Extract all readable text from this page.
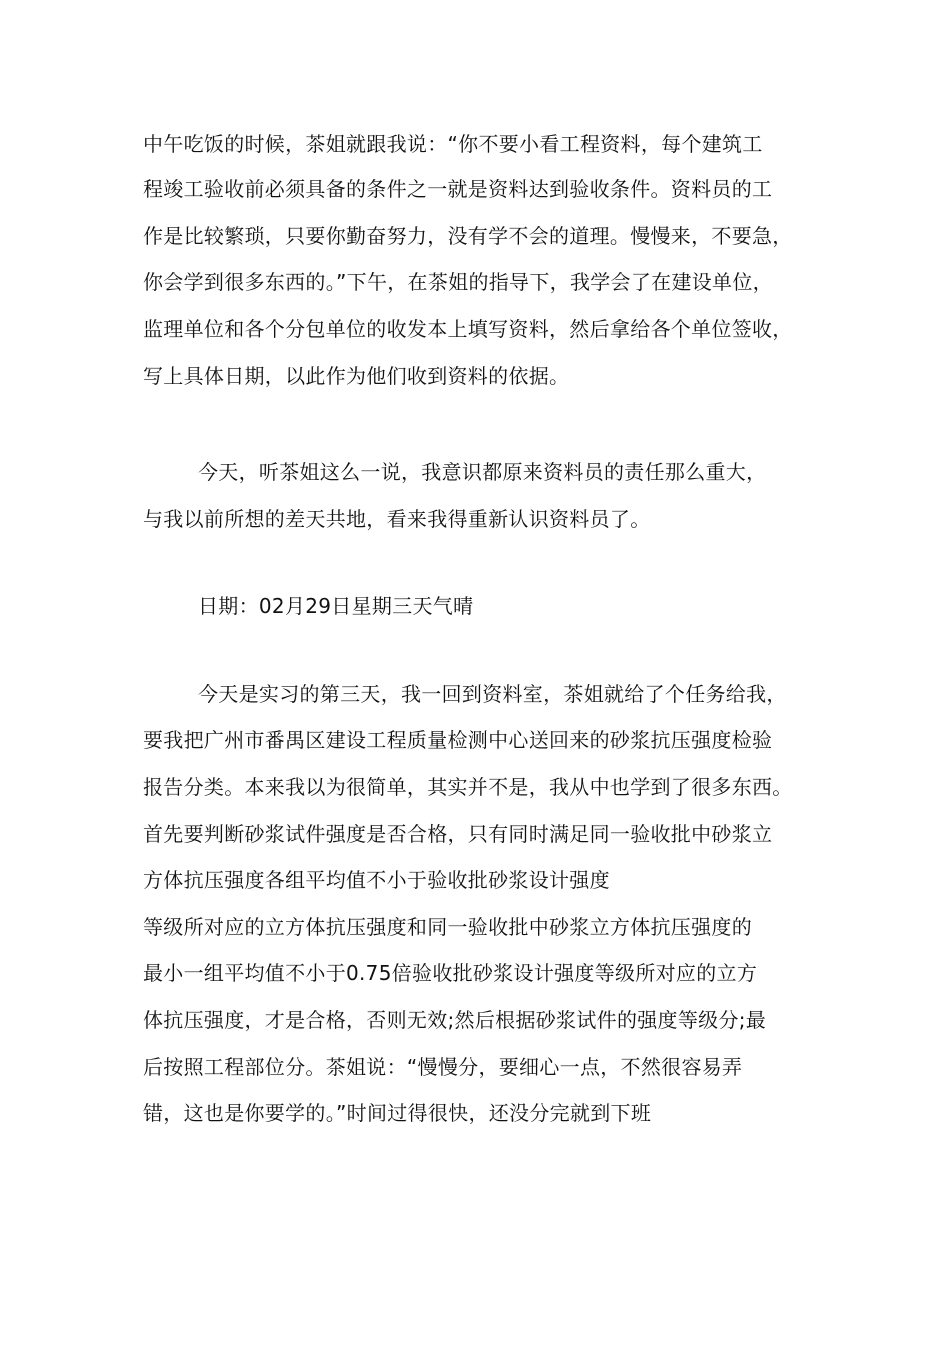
中午吃饭的时候，茶姐就跟我说：“你不要小看工程资料，每个建筑工
程竣工验收前必须具备的条件之一就是资料达到验收条件。资料员的工
作是比较繁琐，只要你勤奋努力，没有学不会的道理。慢慢来，不要急，
你会学到很多东西的。”下午，在茶姐的指导下，我学会了在建设单位，
监理单位和各个分包单位的收发本上填写资料，然后拿给各个单位签收，
写上具体日期，以此作为他们收到资料的依据。
今天，听茶姐这么一说，我意识都原来资料员的责任那么重大，
与我以前所想的差天共地，看来我得重新认识资料员了。
日期：02月29日星期三天气晴
今天是实习的第三天，我一回到资料室，茶姐就给了个任务给我，
要我把广州市番禺区建设工程质量检测中心送回来的砂浆抗压强度检验
报告分类。本来我以为很简单，其实并不是，我从中也学到了很多东西。
首先要判断砂浆试件强度是否合格，只有同时满足同一验收批中砂浆立
方体抗压强度各组平均值不小于验收批砂浆设计强度
等级所对应的立方体抗压强度和同一验收批中砂浆立方体抗压强度的
最小一组平均值不小于0.75倍验收批砂浆设计强度等级所对应的立方
体抗压强度，才是合格，否则无效;然后根据砂浆试件的强度等级分;最
后按照工程部位分。茶姐说：“慢慢分，要细心一点，不然很容易弄
错，这也是你要学的。”时间过得很快，还没分完就到下班
